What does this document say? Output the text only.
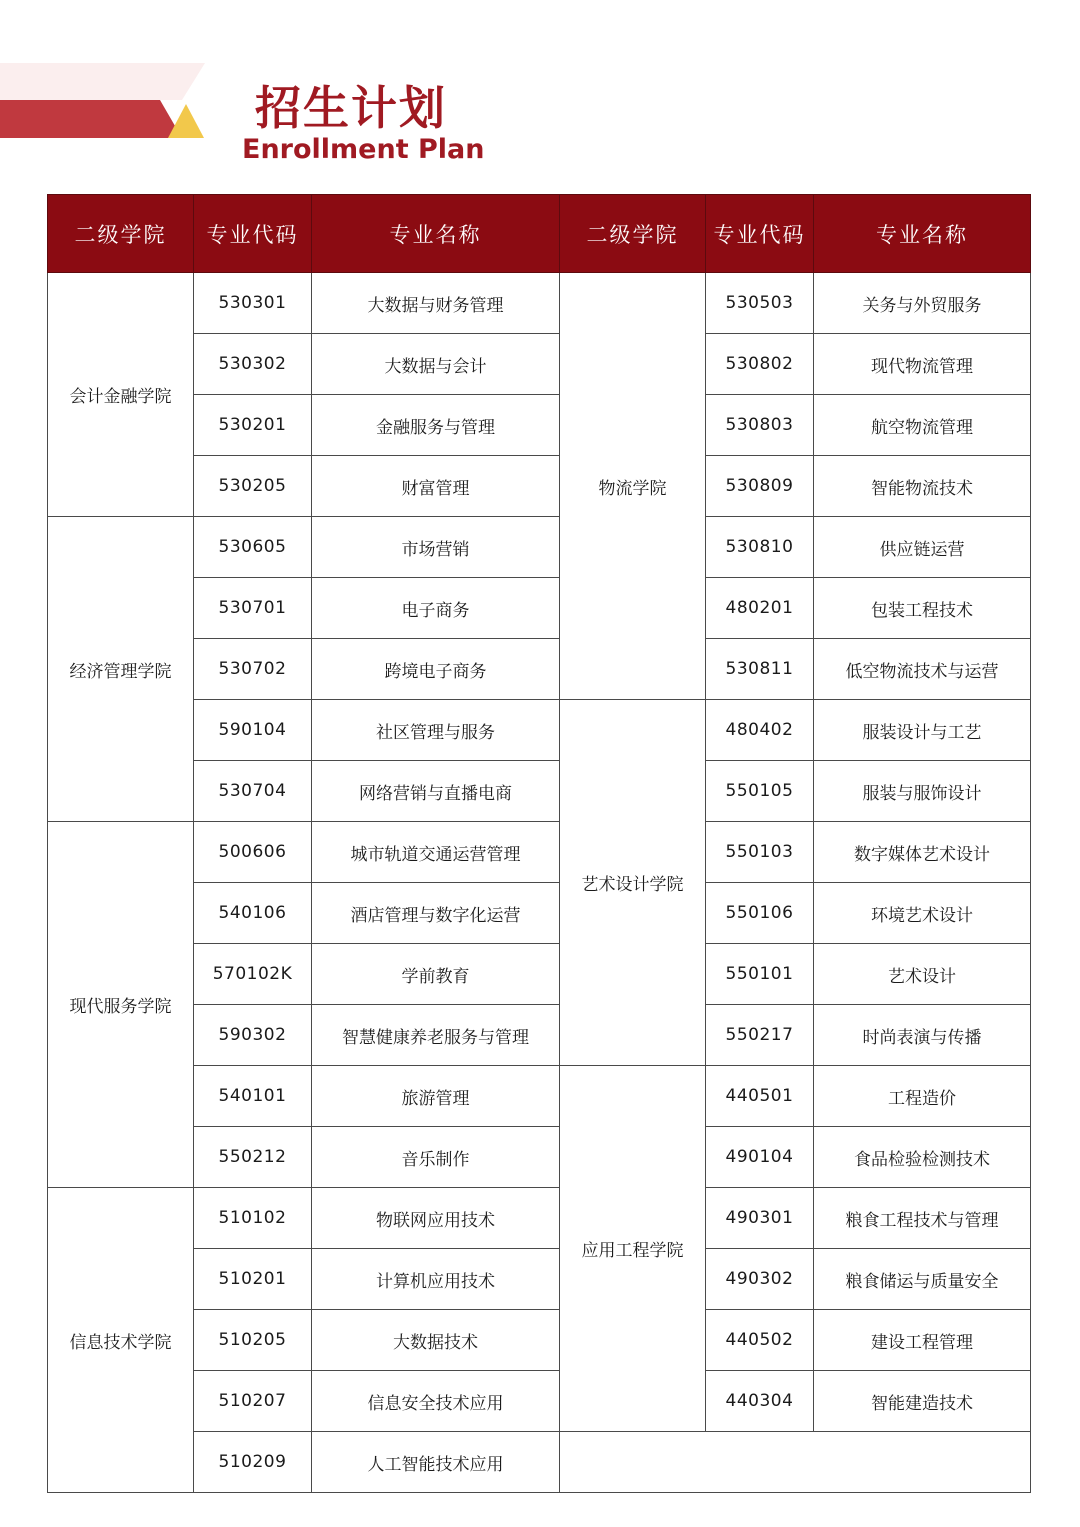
招生计划
Enrollment Plan
二级学院	专业代码	专业名称	二级学院	专业代码	专业名称
会计金融学院	530301	大数据与财务管理	物流学院	530503	关务与外贸服务
	530302	大数据与会计		530802	现代物流管理
	530201	金融服务与管理		530803	航空物流管理
	530205	财富管理		530809	智能物流技术
经济管理学院	530605	市场营销		530810	供应链运营
	530701	电子商务		480201	包装工程技术
	530702	跨境电子商务		530811	低空物流技术与运营
	590104	社区管理与服务	艺术设计学院	480402	服装设计与工艺
	530704	网络营销与直播电商		550105	服装与服饰设计
现代服务学院	500606	城市轨道交通运营管理		550103	数字媒体艺术设计
	540106	酒店管理与数字化运营		550106	环境艺术设计
	570102K	学前教育		550101	艺术设计
	590302	智慧健康养老服务与管理		550217	时尚表演与传播
	540101	旅游管理	应用工程学院	440501	工程造价
	550212	音乐制作		490104	食品检验检测技术
信息技术学院	510102	物联网应用技术		490301	粮食工程技术与管理
	510201	计算机应用技术		490302	粮食储运与质量安全
	510205	大数据技术		440502	建设工程管理
	510207	信息安全技术应用		440304	智能建造技术
	510209	人工智能技术应用			
